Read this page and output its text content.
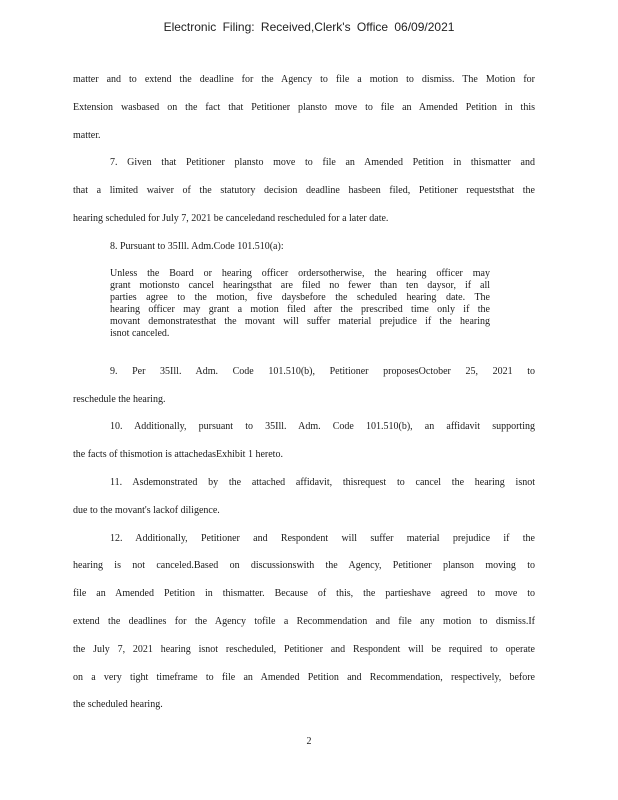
Electronic Filing: Received,Clerk's Office 06/09/2021
matter and to extend the deadline for the Agency to file a motion to dismiss. The Motion for
Extension wasbased on the fact that Petitioner plansto move to file an Amended Petition in this
matter.
7. Given that Petitioner plansto move to file an Amended Petition in thismatter and
that a limited waiver of the statutory decision deadline hasbeen filed, Petitioner requeststhat the
hearing scheduled for July 7, 2021 be canceledand rescheduled for a later date.
8. Pursuant to 35Ill. Adm.Code 101.510(a):
Unless the Board or hearing officer ordersotherwise, the hearing officer may
grant motionsto cancel hearingsthat are filed no fewer than ten daysor, if all
parties agree to the motion, five daysbefore the scheduled hearing date. The
hearing officer may grant a motion filed after the prescribed time only if the
movant demonstratesthat the movant will suffer material prejudice if the hearing
isnot canceled.
9. Per 35Ill. Adm. Code 101.510(b), Petitioner proposesOctober 25, 2021 to
reschedule the hearing.
10. Additionally, pursuant to 35Ill. Adm. Code 101.510(b), an affidavit supporting
the facts of thismotion is attachedasExhibit 1 hereto.
11. Asdemonstrated by the attached affidavit, thisrequest to cancel the hearing isnot
due to the movant's lackof diligence.
12. Additionally, Petitioner and Respondent will suffer material prejudice if the
hearing is not canceled.Based on discussionswith the Agency, Petitioner planson moving to
file an Amended Petition in thismatter. Because of this, the partieshave agreed to move to
extend the deadlines for the Agency tofile a Recommendation and file any motion to dismiss.If
the July 7, 2021 hearing isnot rescheduled, Petitioner and Respondent will be required to operate
on a very tight timeframe to file an Amended Petition and Recommendation, respectively, before
the scheduled hearing.
2
